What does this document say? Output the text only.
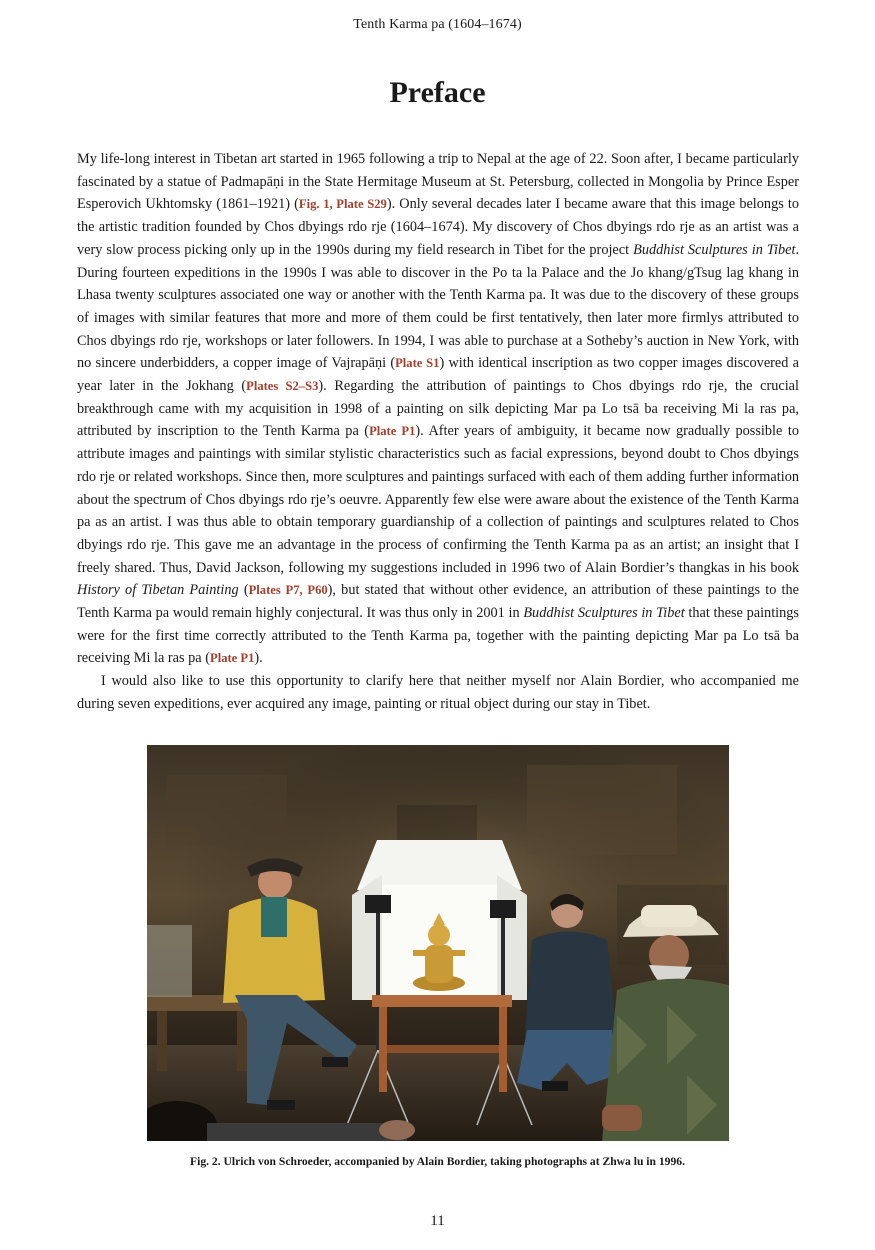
Tenth Karma pa (1604–1674)
Preface

My life-long interest in Tibetan art started in 1965 following a trip to Nepal at the age of 22. Soon after, I became particularly fascinated by a statue of Padmapāṇi in the State Hermitage Museum at St. Petersburg, collected in Mongolia by Prince Esper Esperovich Ukhtomsky (1861–1921) (Fig. 1, Plate S29). Only several decades later I became aware that this image belongs to the artistic tradition founded by Chos dbyings rdo rje (1604–1674). My discovery of Chos dbyings rdo rje as an artist was a very slow process picking only up in the 1990s during my field research in Tibet for the project Buddhist Sculptures in Tibet. During fourteen expeditions in the 1990s I was able to discover in the Po ta la Palace and the Jo khang/gTsug lag khang in Lhasa twenty sculptures associated one way or another with the Tenth Karma pa. It was due to the discovery of these groups of images with similar features that more and more of them could be first tentatively, then later more firmlys attributed to Chos dbyings rdo rje, workshops or later followers. In 1994, I was able to purchase at a Sotheby’s auction in New York, with no sincere underbidders, a copper image of Vajrapāṇi (Plate S1) with identical inscription as two copper images discovered a year later in the Jokhang (Plates S2–S3). Regarding the attribution of paintings to Chos dbyings rdo rje, the crucial breakthrough came with my acquisition in 1998 of a painting on silk depicting Mar pa Lo tsā ba receiving Mi la ras pa, attributed by inscription to the Tenth Karma pa (Plate P1). After years of ambiguity, it became now gradually possible to attribute images and paintings with similar stylistic characteristics such as facial expressions, beyond doubt to Chos dbyings rdo rje or related workshops. Since then, more sculptures and paintings surfaced with each of them adding further information about the spectrum of Chos dbyings rdo rje’s oeuvre. Apparently few else were aware about the existence of the Tenth Karma pa as an artist. I was thus able to obtain temporary guardianship of a collection of paintings and sculptures related to Chos dbyings rdo rje. This gave me an advantage in the process of confirming the Tenth Karma pa as an artist; an insight that I freely shared. Thus, David Jackson, following my suggestions included in 1996 two of Alain Bordier’s thangkas in his book History of Tibetan Painting (Plates P7, P60), but stated that without other evidence, an attribution of these paintings to the Tenth Karma pa would remain highly conjectural. It was thus only in 2001 in Buddhist Sculptures in Tibet that these paintings were for the first time correctly attributed to the Tenth Karma pa, together with the painting depicting Mar pa Lo tsā ba receiving Mi la ras pa (Plate P1).

I would also like to use this opportunity to clarify here that neither myself nor Alain Bordier, who accompanied me during seven expeditions, ever acquired any image, painting or ritual object during our stay in Tibet.

Fig. 2. Ulrich von Schroeder, accompanied by Alain Bordier, taking photographs at Zhwa lu in 1996.
11
